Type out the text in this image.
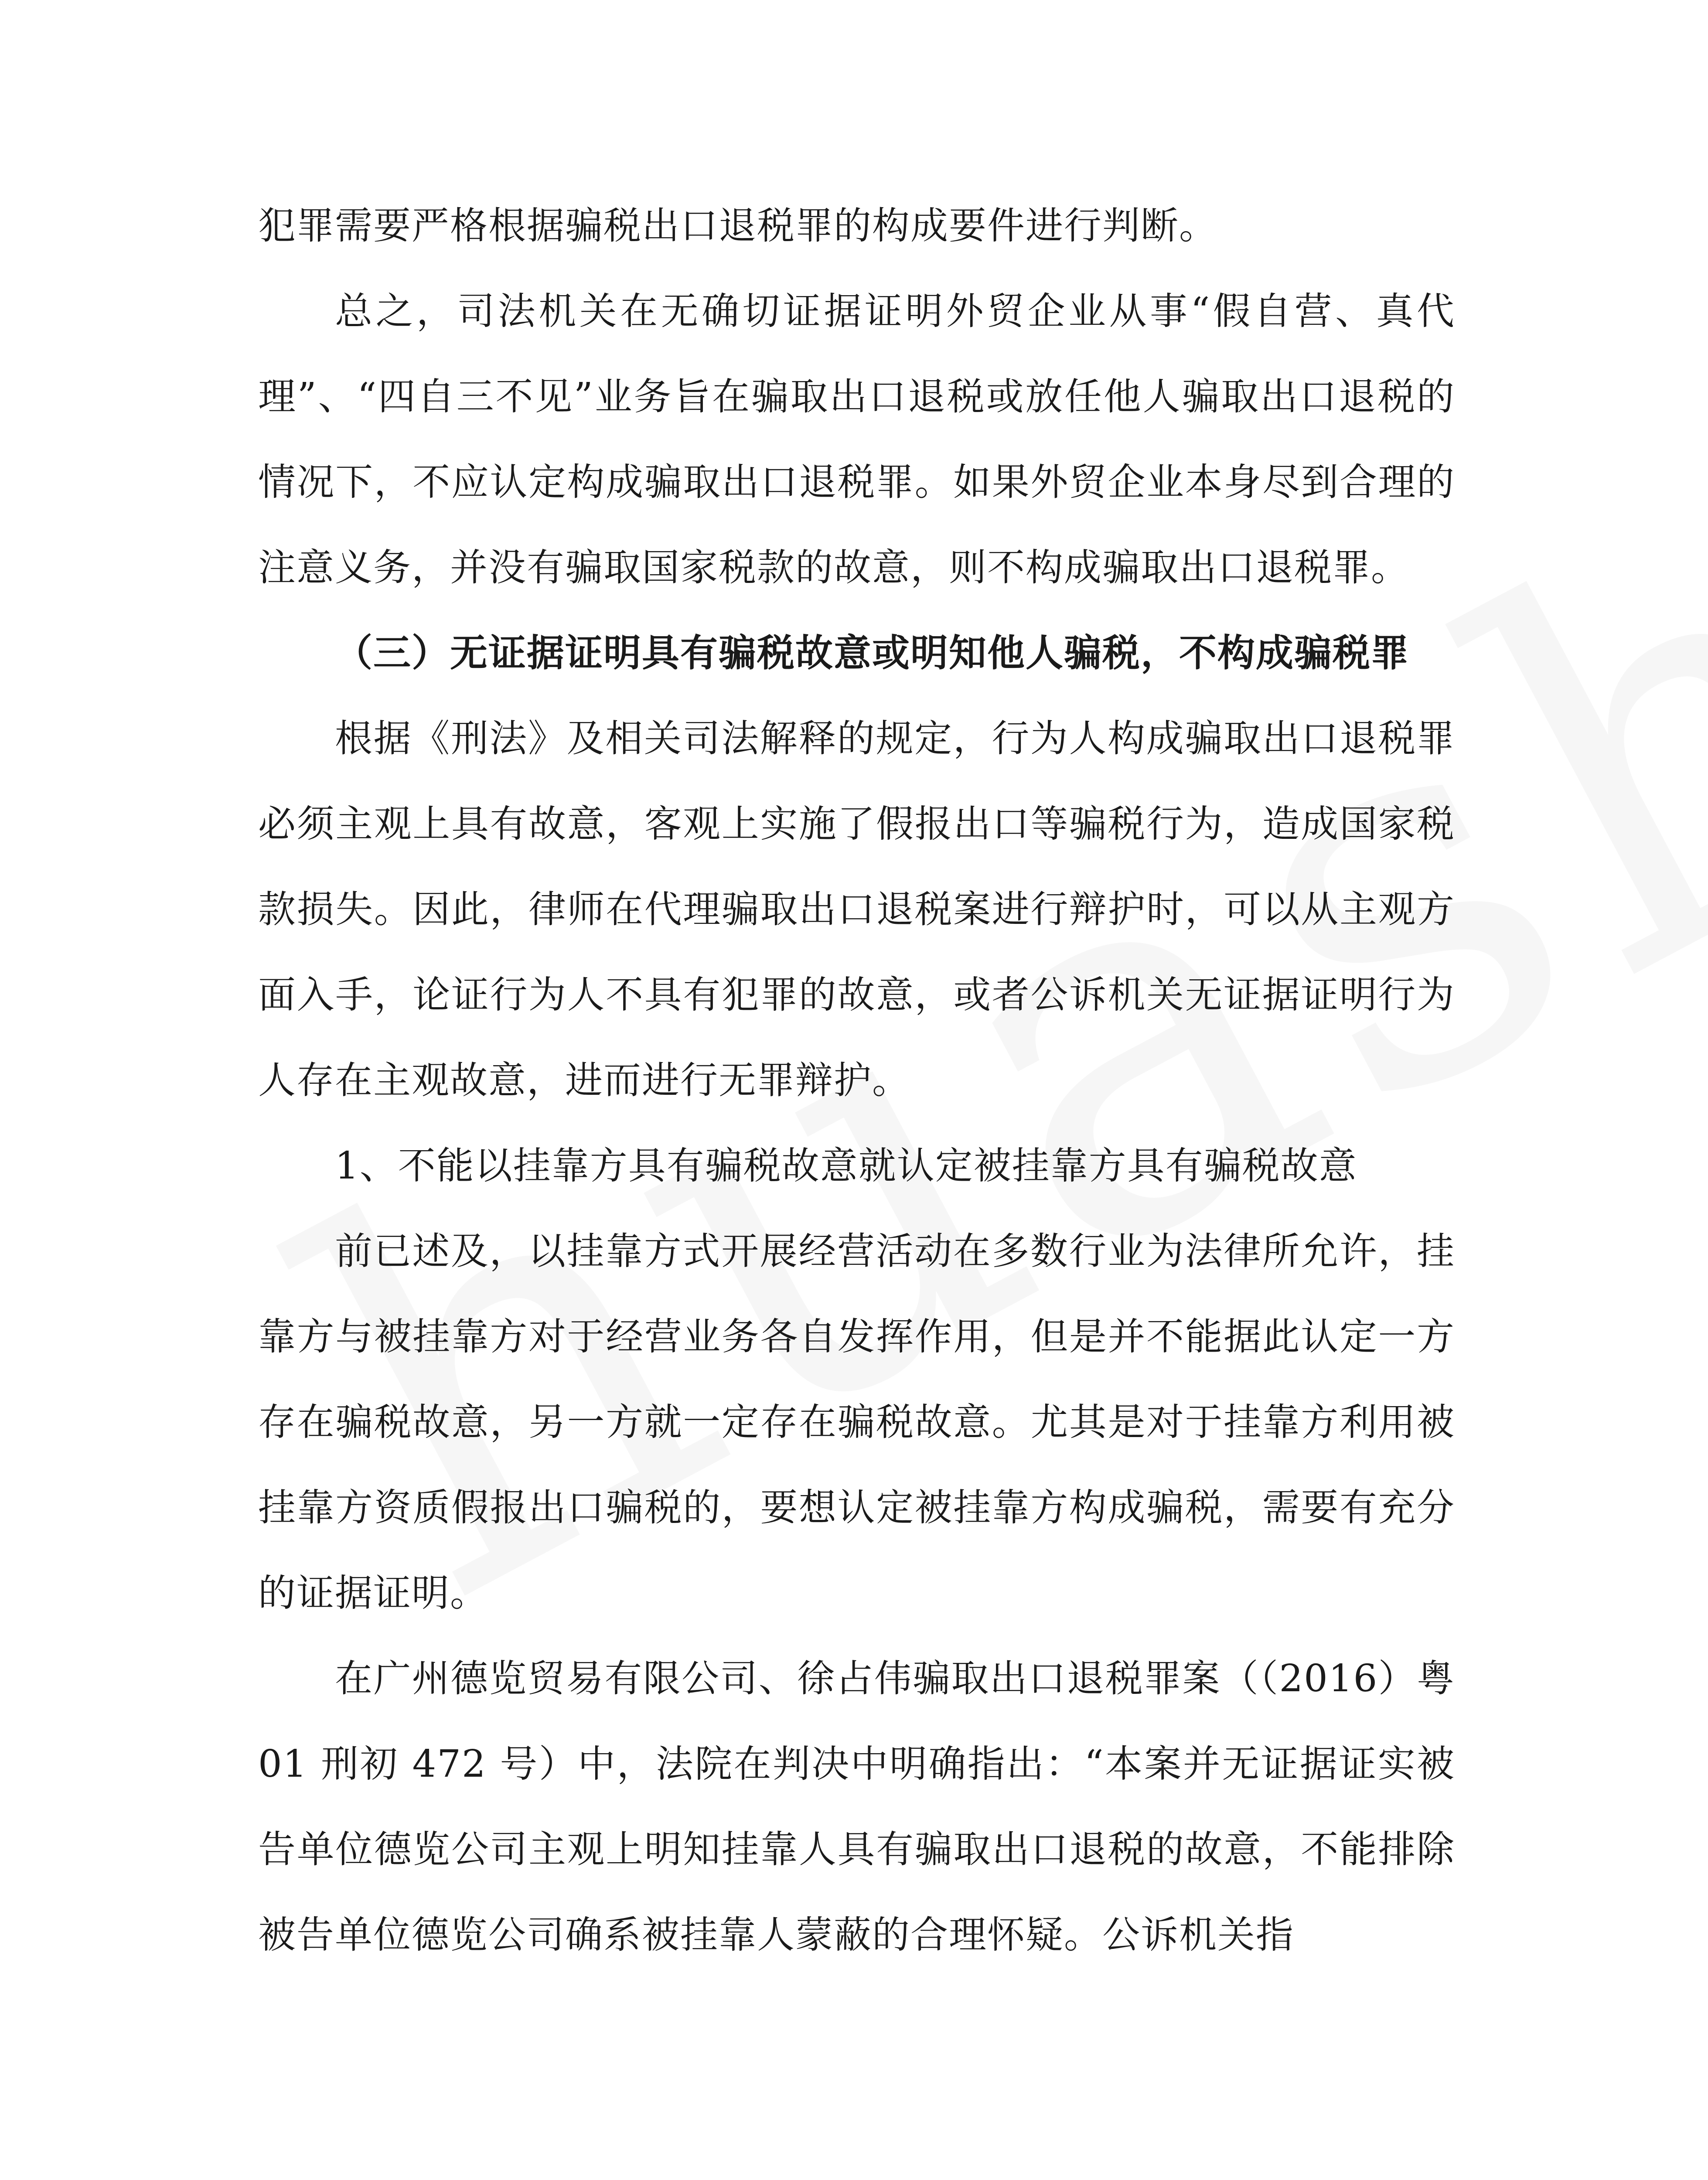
犯罪需要严格根据骗税出口退税罪的构成要件进行判断。

总之，司法机关在无确切证据证明外贸企业从事“假自营、真代理”、“四自三不见”业务旨在骗取出口退税或放任他人骗取出口退税的情况下，不应认定构成骗取出口退税罪。如果外贸企业本身尽到合理的注意义务，并没有骗取国家税款的故意，则不构成骗取出口退税罪。

（三）无证据证明具有骗税故意或明知他人骗税，不构成骗税罪

根据《刑法》及相关司法解释的规定，行为人构成骗取出口退税罪必须主观上具有故意，客观上实施了假报出口等骗税行为，造成国家税款损失。因此，律师在代理骗取出口退税案进行辩护时，可以从主观方面入手，论证行为人不具有犯罪的故意，或者公诉机关无证据证明行为人存在主观故意，进而进行无罪辩护。

1、不能以挂靠方具有骗税故意就认定被挂靠方具有骗税故意

前已述及，以挂靠方式开展经营活动在多数行业为法律所允许，挂靠方与被挂靠方对于经营业务各自发挥作用，但是并不能据此认定一方存在骗税故意，另一方就一定存在骗税故意。尤其是对于挂靠方利用被挂靠方资质假报出口骗税的，要想认定被挂靠方构成骗税，需要有充分的证据证明。

在广州德览贸易有限公司、徐占伟骗取出口退税罪案（（2016）粤 01 刑初 472 号）中，法院在判决中明确指出：“本案并无证据证实被告单位德览公司主观上明知挂靠人具有骗取出口退税的故意，不能排除被告单位德览公司确系被挂靠人蒙蔽的合理怀疑。公诉机关指
